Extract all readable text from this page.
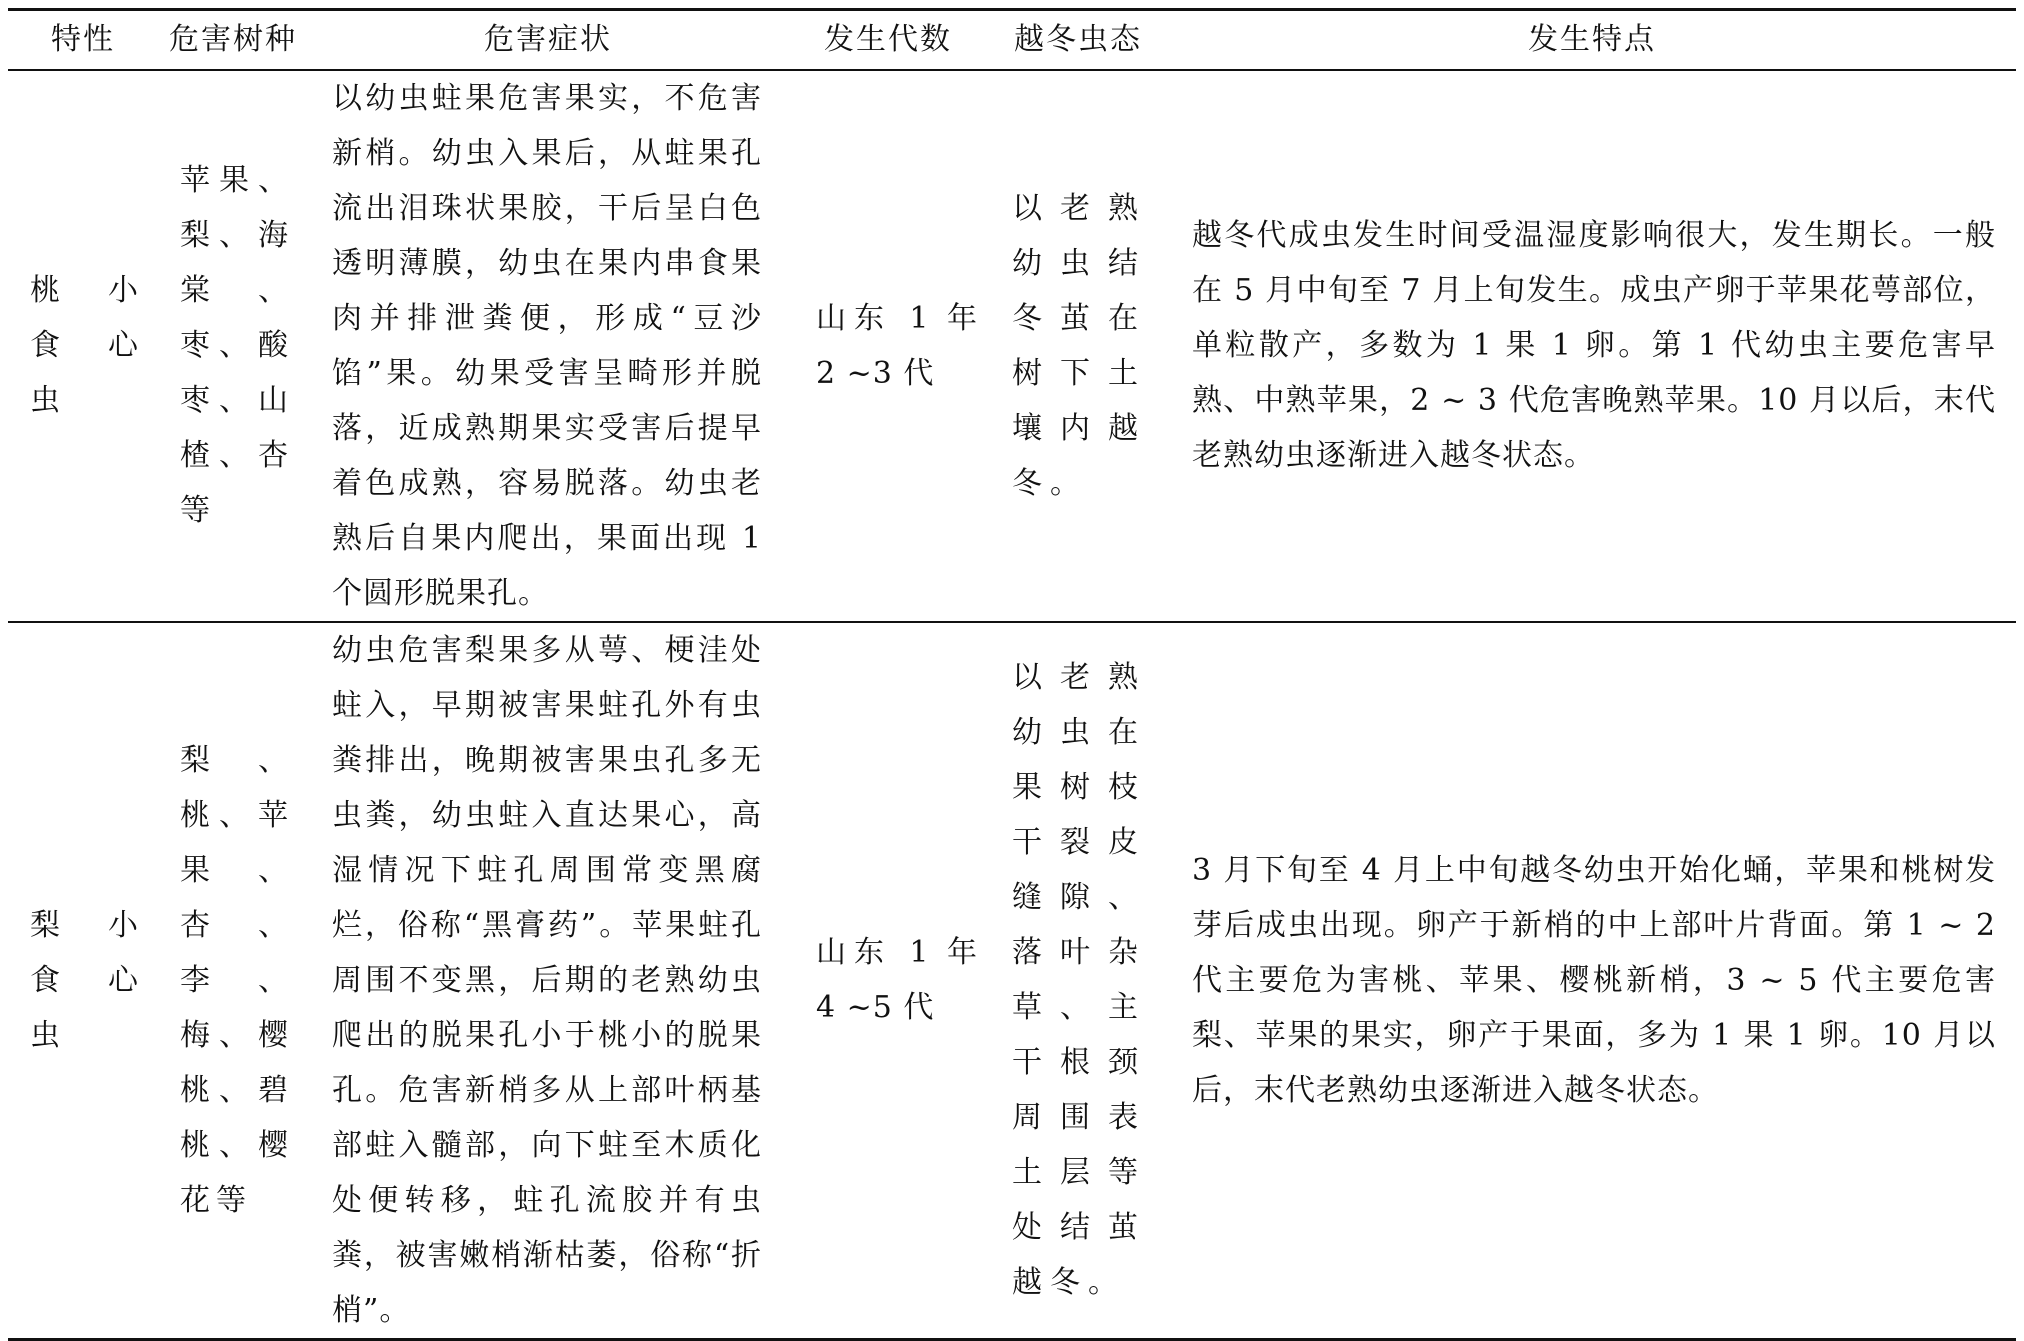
特性	危害树种	危害症状	发生代数	越冬虫态	发生特点

桃小食心虫	苹果、梨、海棠、枣、酸枣、山楂、杏等	以幼虫蛀果危害果实，不危害新梢。幼虫入果后，从蛀果孔流出泪珠状果胶，干后呈白色透明薄膜，幼虫在果内串食果肉并排泄粪便，形成“豆沙馅”果。幼果受害呈畸形并脱落，近成熟期果实受害后提早着色成熟，容易脱落。幼虫老熟后自果内爬出，果面出现 1 个圆形脱果孔。	山东 1 年 2 ~3 代	以老熟幼虫结冬茧在树下土壤内越冬。	越冬代成虫发生时间受温湿度影响很大，发生期长。一般在 5 月中旬至 7 月上旬发生。成虫产卵于苹果花萼部位，单粒散产，多数为 1 果 1 卵。第 1 代幼虫主要危害早熟、中熟苹果，2 ~ 3 代危害晚熟苹果。10 月以后，末代老熟幼虫逐渐进入越冬状态。

梨小食心虫	梨、桃、苹果、杏、李、梅、樱桃、碧桃、樱花等	幼虫危害梨果多从萼、梗洼处蛀入，早期被害果蛀孔外有虫粪排出，晚期被害果虫孔多无虫粪，幼虫蛀入直达果心，高湿情况下蛀孔周围常变黑腐烂，俗称“黑膏药”。苹果蛀孔周围不变黑，后期的老熟幼虫爬出的脱果孔小于桃小的脱果孔。危害新梢多从上部叶柄基部蛀入髓部，向下蛀至木质化处便转移，蛀孔流胶并有虫粪，被害嫩梢渐枯萎，俗称“折梢”。	山东 1 年 4 ~5 代	以老熟幼虫在果树枝干裂皮缝隙、落叶杂草、主干根颈周围表土层等处结茧越冬。	3 月下旬至 4 月上中旬越冬幼虫开始化蛹，苹果和桃树发芽后成虫出现。卵产于新梢的中上部叶片背面。第 1 ~ 2 代主要危为害桃、苹果、樱桃新梢，3 ~ 5 代主要危害梨、苹果的果实，卵产于果面，多为 1 果 1 卵。10 月以后，末代老熟幼虫逐渐进入越冬状态。
